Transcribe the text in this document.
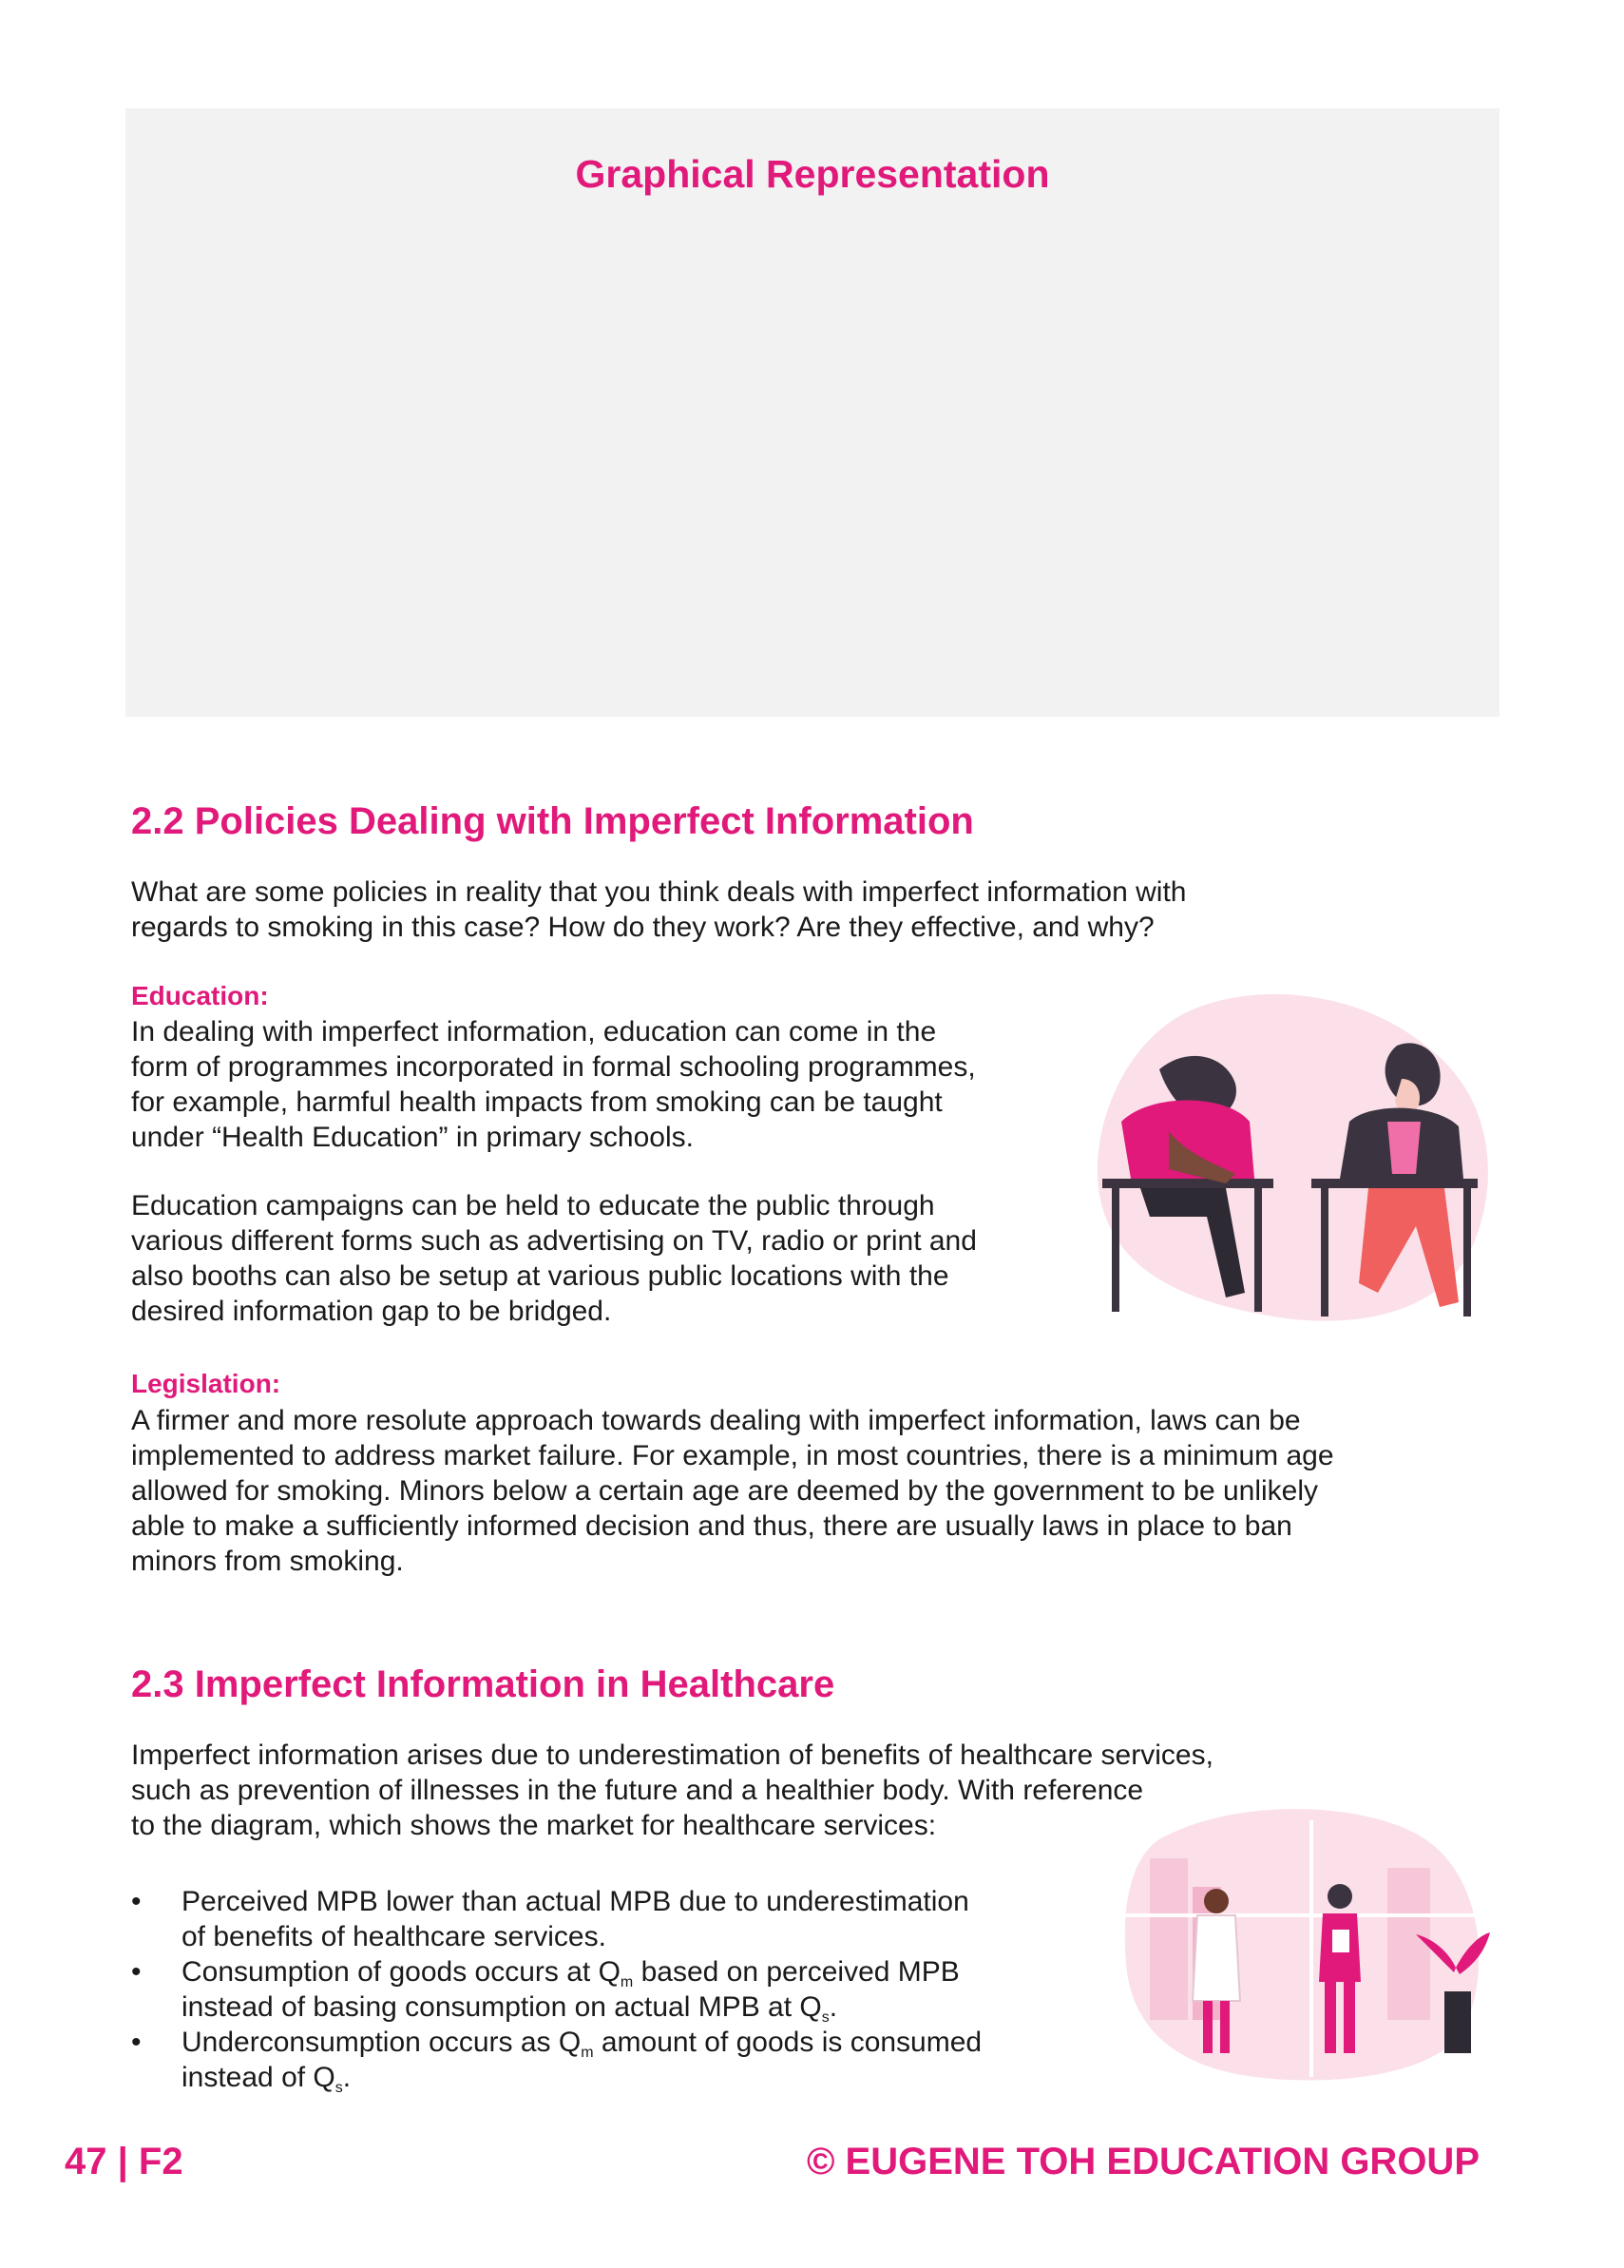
Graphical Representation
2.2 Policies Dealing with Imperfect Information
What are some policies in reality that you think deals with imperfect information with
regards to smoking in this case? How do they work? Are they effective, and why?
Education:
In dealing with imperfect information, education can come in the
form of programmes incorporated in formal schooling programmes,
for example, harmful health impacts from smoking can be taught
under “Health Education” in primary schools.
Education campaigns can be held to educate the public through
various different forms such as advertising on TV, radio or print and
also booths can also be setup at various public locations with the
desired information gap to be bridged.
Legislation:
A firmer and more resolute approach towards dealing with imperfect information, laws can be
implemented to address market failure. For example, in most countries, there is a minimum age
allowed for smoking. Minors below a certain age are deemed by the government to be unlikely
able to make a sufficiently informed decision and thus, there are usually laws in place to ban
minors from smoking.
2.3 Imperfect Information in Healthcare
Imperfect information arises due to underestimation of benefits of healthcare services,
such as prevention of illnesses in the future and a healthier body. With reference
to the diagram, which shows the market for healthcare services:
• Perceived MPB lower than actual MPB due to underestimation
of benefits of healthcare services.
• Consumption of goods occurs at $Q_m$ based on perceived MPB
instead of basing consumption on actual MPB at $Q_s$.
• Underconsumption occurs as $Q_m$ amount of goods is consumed
instead of $Q_s$.
47 | F2	© EUGENE TOH EDUCATION GROUP
